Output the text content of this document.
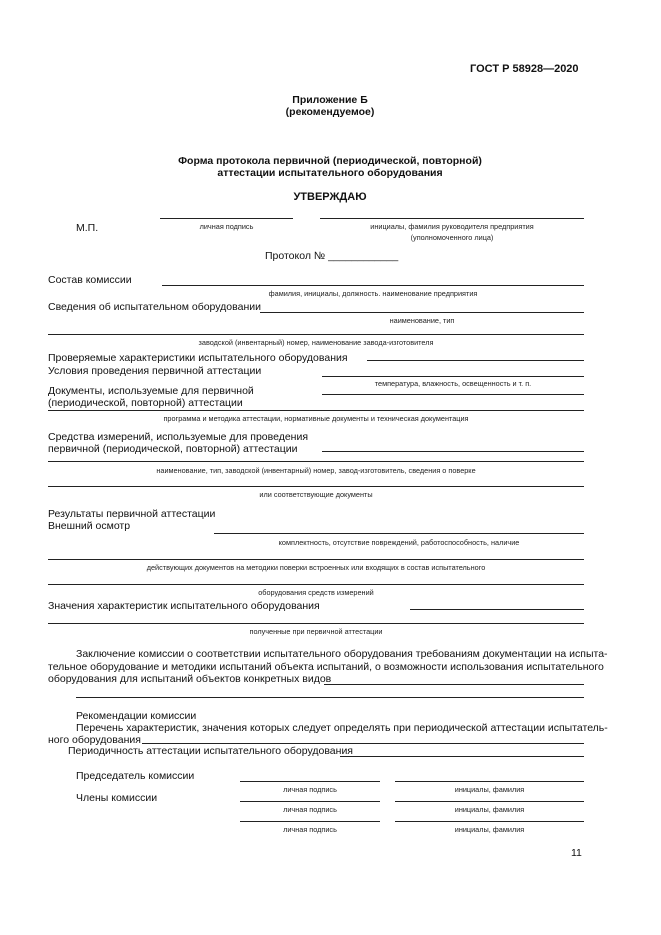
ГОСТ Р 58928—2020
Приложение Б
(рекомендуемое)
Форма протокола первичной (периодической, повторной)
аттестации испытательного оборудования
УТВЕРЖДАЮ
М.П.	личная подпись	инициалы, фамилия руководителя предприятия
(уполномоченного лица)
Протокол № ____________
Состав комиссии
фамилия, инициалы, должность. наименование предприятия
Сведения об испытательном оборудовании
наименование, тип
заводской (инвентарный) номер, наименование завода-изготовителя
Проверяемые характеристики испытательного оборудования
Условия проведения первичной аттестации
температура, влажность, освещенность и т. п.
Документы, используемые для первичной
(периодической, повторной) аттестации
программа и методика аттестации, нормативные документы и техническая документация
Средства измерений, используемые для проведения
первичной (периодической, повторной) аттестации
наименование, тип, заводской (инвентарный) номер, завод-изготовитель, сведения о поверке
или соответствующие документы
Результаты первичной аттестации
Внешний осмотр
комплектность, отсутствие повреждений, работоспособность, наличие
действующих документов на методики поверки встроенных или входящих в состав испытательного
оборудования средств измерений
Значения характеристик испытательного оборудования
полученные при первичной аттестации
Заключение комиссии о соответствии испытательного оборудования требованиям документации на испыта-
тельное оборудование и методики испытаний объекта испытаний, о возможности использования испытательного
оборудования для испытаний объектов конкретных видов
Рекомендации комиссии
Перечень характеристик, значения которых следует определять при периодической аттестации испытатель-
ного оборудования
Периодичность аттестации испытательного оборудования
Председатель комиссии
личная подпись	инициалы, фамилия
Члены комиссии
личная подпись	инициалы, фамилия
личная подпись	инициалы, фамилия
11
